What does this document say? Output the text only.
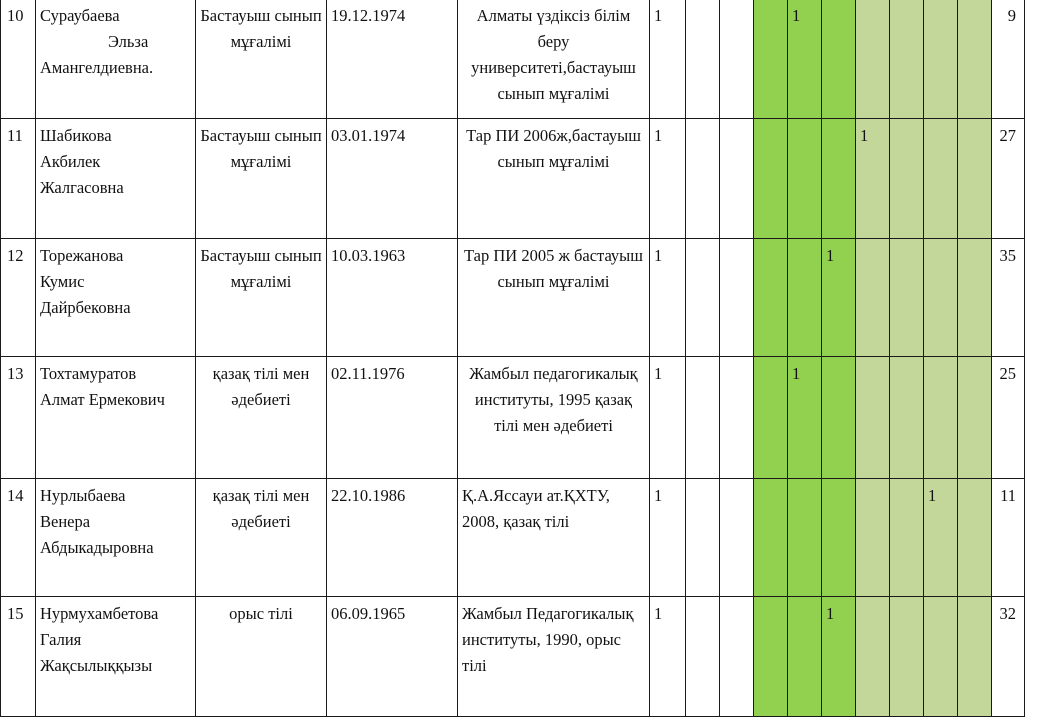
10	Сураубаева
Эльза
Амангелдиевна.	Бастауыш сынып мұғалімі	19.12.1974	Алматы үздіксіз білім беру университеті,бастауыш сынып мұғалімі	1				1						9
11	Шабикова
Акбилек
Жалгасовна	Бастауыш сынып мұғалімі	03.01.1974	Тар ПИ 2006ж,бастауыш сынып мұғалімі	1						1				27
12	Торежанова
Кумис
Дайрбековна	Бастауыш сынып мұғалімі	10.03.1963	Тар ПИ 2005 ж бастауыш сынып мұғалімі	1					1					35
13	Тохтамуратов
Алмат Ермекович	қазақ тілі мен әдебиеті	02.11.1976	Жамбыл педагогикалық институты, 1995 қазақ тілі мен әдебиеті	1				1						25
14	Нурлыбаева
Венера
Абдыкадыровна	қазақ тілі мен әдебиеті	22.10.1986	Қ.А.Яссауи ат.ҚХТУ, 2008, қазақ тілі	1								1		11
15	Нурмухамбетова
Галия
Жақсылыққызы	орыс тілі	06.09.1965	Жамбыл Педагогикалық институты, 1990, орыс тілі	1					1					32
